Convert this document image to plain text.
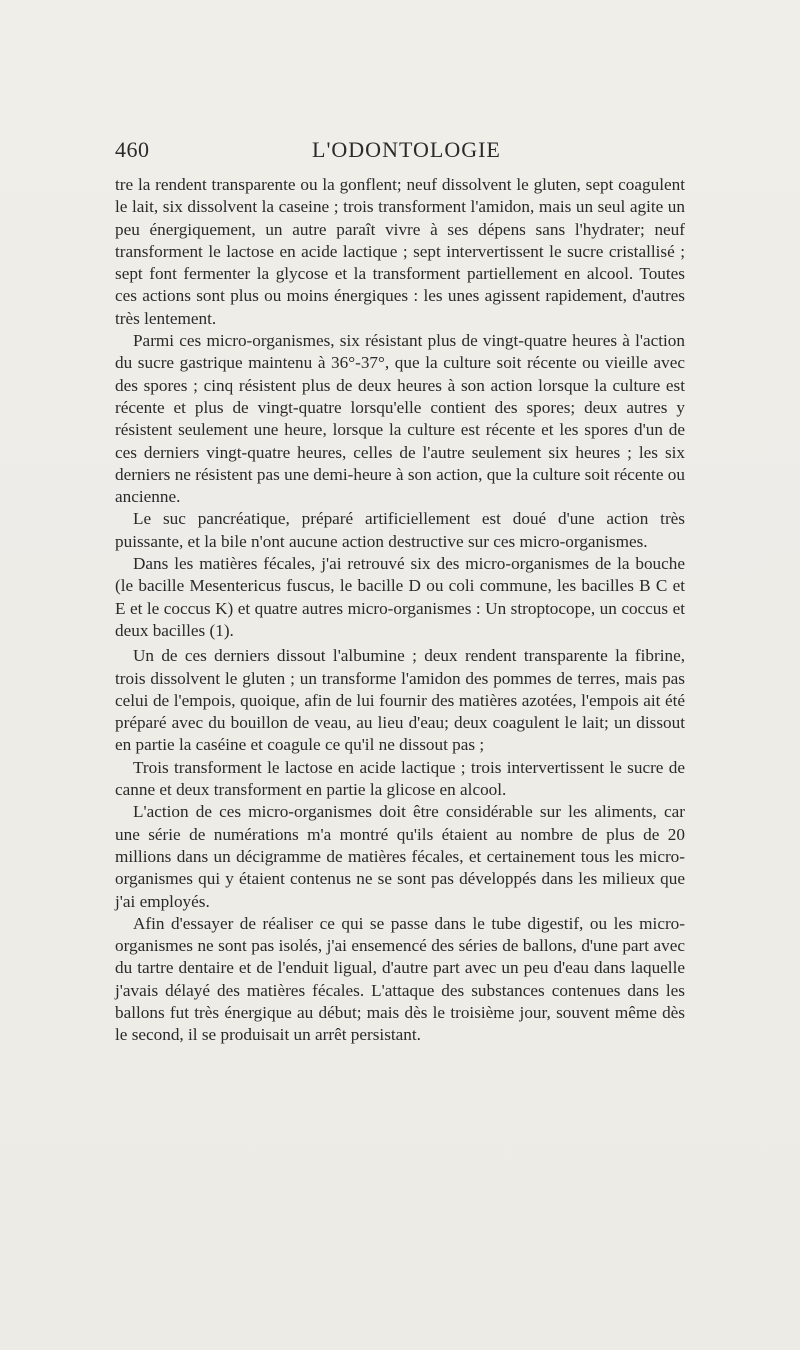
460	L'ODONTOLOGIE

tre la rendent transparente ou la gonflent; neuf dissolvent le gluten, sept coagulent le lait, six dissolvent la caseine ; trois transforment l'amidon, mais un seul agite un peu énergiquement, un autre paraît vivre à ses dépens sans l'hydrater; neuf transforment le lactose en acide lactique ; sept intervertissent le sucre cristallisé ; sept font fermenter la glycose et la transforment partiellement en alcool. Toutes ces actions sont plus ou moins énergiques : les unes agissent rapidement, d'autres très lentement.

Parmi ces micro-organismes, six résistant plus de vingt-quatre heures à l'action du sucre gastrique maintenu à 36°-37°, que la culture soit récente ou vieille avec des spores ; cinq résistent plus de deux heures à son action lorsque la culture est récente et plus de vingt-quatre lorsqu'elle contient des spores; deux autres y résistent seulement une heure, lorsque la culture est récente et les spores d'un de ces derniers vingt-quatre heures, celles de l'autre seulement six heures ; les six derniers ne résistent pas une demi-heure à son action, que la culture soit récente ou ancienne.

Le suc pancréatique, préparé artificiellement est doué d'une action très puissante, et la bile n'ont aucune action destructive sur ces micro-organismes.

Dans les matières fécales, j'ai retrouvé six des micro-organismes de la bouche (le bacille Mesentericus fuscus, le bacille D ou coli commune, les bacilles B C et E et le coccus K) et quatre autres micro-organismes : Un stroptocope, un coccus et deux bacilles (1).

Un de ces derniers dissout l'albumine ; deux rendent transparente la fibrine, trois dissolvent le gluten ; un transforme l'amidon des pommes de terres, mais pas celui de l'empois, quoique, afin de lui fournir des matières azotées, l'empois ait été préparé avec du bouillon de veau, au lieu d'eau; deux coagulent le lait; un dissout en partie la caséine et coagule ce qu'il ne dissout pas ;

Trois transforment le lactose en acide lactique ; trois intervertissent le sucre de canne et deux transforment en partie la glicose en alcool.

L'action de ces micro-organismes doit être considérable sur les aliments, car une série de numérations m'a montré qu'ils étaient au nombre de plus de 20 millions dans un décigramme de matières fécales, et certainement tous les micro-organismes qui y étaient contenus ne se sont pas développés dans les milieux que j'ai employés.

Afin d'essayer de réaliser ce qui se passe dans le tube digestif, ou les micro-organismes ne sont pas isolés, j'ai ensemencé des séries de ballons, d'une part avec du tartre dentaire et de l'enduit ligual, d'autre part avec un peu d'eau dans laquelle j'avais délayé des matières fécales. L'attaque des substances contenues dans les ballons fut très énergique au début; mais dès le troisième jour, souvent même dès le second, il se produisait un arrêt persistant.
